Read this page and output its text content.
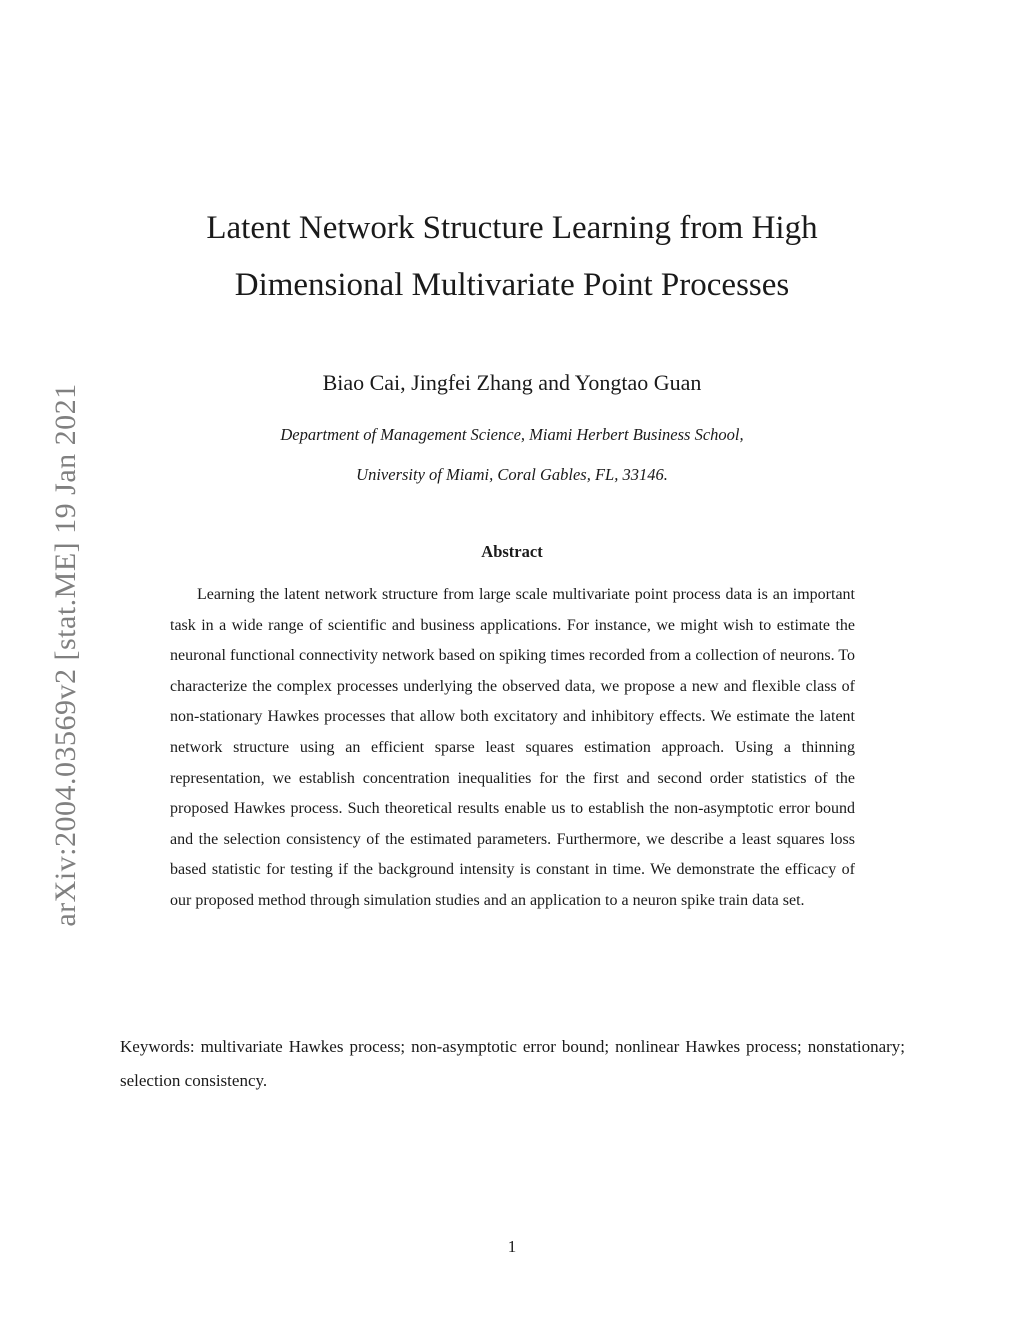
arXiv:2004.03569v2 [stat.ME] 19 Jan 2021
Latent Network Structure Learning from High
Dimensional Multivariate Point Processes
Biao Cai, Jingfei Zhang and Yongtao Guan
Department of Management Science, Miami Herbert Business School,
University of Miami, Coral Gables, FL, 33146.
Abstract

Learning the latent network structure from large scale multivariate point process data is an important task in a wide range of scientific and business applications. For instance, we might wish to estimate the neuronal functional connectivity network based on spiking times recorded from a collection of neurons. To characterize the complex processes underlying the observed data, we propose a new and flexible class of non-stationary Hawkes processes that allow both excitatory and inhibitory effects. We estimate the latent network structure using an efficient sparse least squares estimation approach. Using a thinning representation, we establish concentration inequalities for the first and second order statistics of the proposed Hawkes process. Such theoretical results enable us to establish the non-asymptotic error bound and the selection consistency of the estimated parameters. Furthermore, we describe a least squares loss based statistic for testing if the background intensity is constant in time. We demonstrate the efficacy of our proposed method through simulation studies and an application to a neuron spike train data set.

Keywords: multivariate Hawkes process; non-asymptotic error bound; nonlinear Hawkes process; nonstationary; selection consistency.

1
